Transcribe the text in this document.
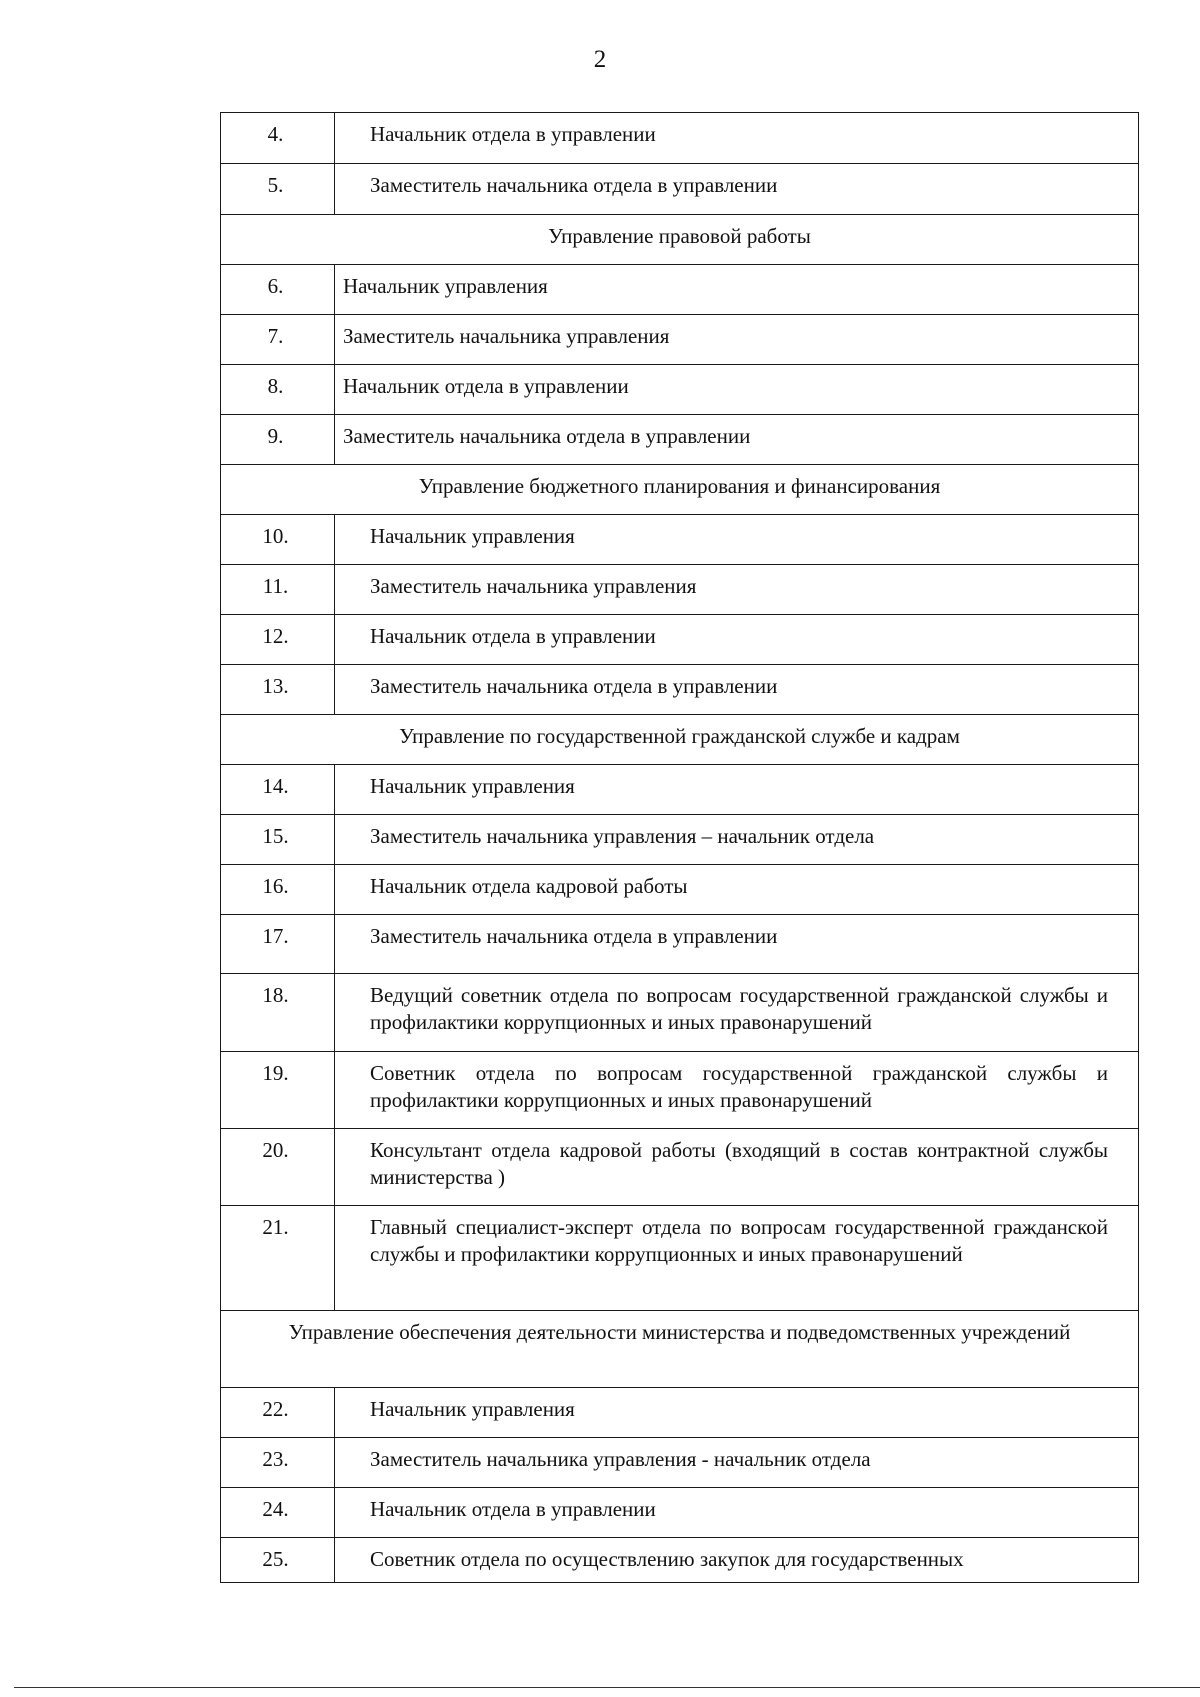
2
4.	Начальник отдела в управлении
5.	Заместитель начальника отдела в управлении
Управление правовой работы	
6.	Начальник управления
7.	Заместитель начальника управления
8.	Начальник отдела в управлении
9.	Заместитель начальника отдела в управлении
Управление бюджетного планирования и финансирования	
10.	Начальник управления
11.	Заместитель начальника управления
12.	Начальник отдела в управлении
13.	Заместитель начальника отдела в управлении
Управление по государственной гражданской службе и кадрам	
14.	Начальник управления
15.	Заместитель начальника управления – начальник отдела
16.	Начальник отдела кадровой работы
17.	Заместитель начальника отдела в управлении
18.	Ведущий советник отдела по вопросам государственной гражданской службы и профилактики коррупционных и иных правонарушений
19.	Советник отдела по вопросам государственной гражданской службы и профилактики коррупционных и иных правонарушений
20.	Консультант отдела кадровой работы (входящий в состав контрактной службы министерства )
21.	Главный специалист-эксперт отдела по вопросам государственной гражданской службы и профилактики коррупционных и иных правонарушений
Управление обеспечения деятельности министерства и подведомственных учреждений	
22.	Начальник управления
23.	Заместитель начальника управления - начальник отдела
24.	Начальник отдела в управлении
25.	Советник отдела по осуществлению закупок для государственных
